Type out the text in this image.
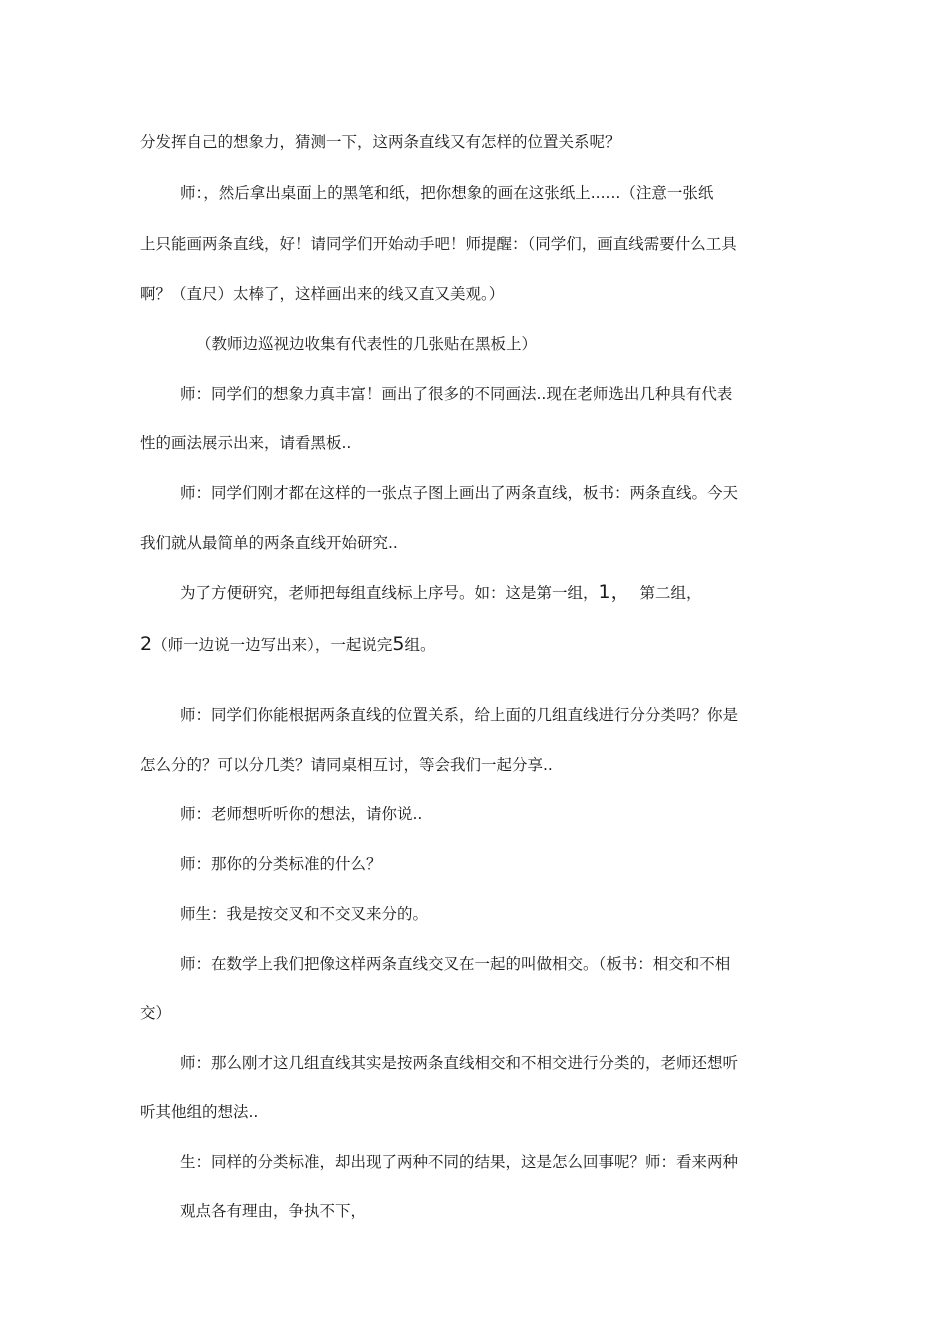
分发挥自己的想象力，猜测一下，这两条直线又有怎样的位置关系呢？
师：，然后拿出桌面上的黑笔和纸，把你想象的画在这张纸上......（注意一张纸
上只能画两条直线，好！请同学们开始动手吧！师提醒：（同学们，画直线需要什么工具
啊？（直尺）太棒了，这样画出来的线又直又美观。）
（教师边巡视边收集有代表性的几张贴在黑板上）
师：同学们的想象力真丰富！画出了很多的不同画法..现在老师选出几种具有代表
性的画法展示出来，请看黑板..
师：同学们刚才都在这样的一张点子图上画出了两条直线，板书：两条直线。今天
我们就从最简单的两条直线开始研究..
为了方便研究，老师把每组直线标上序号。如：这是第一组，1， 第二组，
2（师一边说一边写出来），一起说完5组。
师：同学们你能根据两条直线的位置关系，给上面的几组直线进行分分类吗？你是
怎么分的？可以分几类？请同桌相互讨，等会我们一起分享..
师：老师想听听你的想法，请你说..
师：那你的分类标准的什么？
师生：我是按交叉和不交叉来分的。
师：在数学上我们把像这样两条直线交叉在一起的叫做相交。（板书：相交和不相
交）
师：那么刚才这几组直线其实是按两条直线相交和不相交进行分类的，老师还想听
听其他组的想法..
生：同样的分类标准，却出现了两种不同的结果，这是怎么回事呢？师：看来两种
观点各有理由，争执不下，
